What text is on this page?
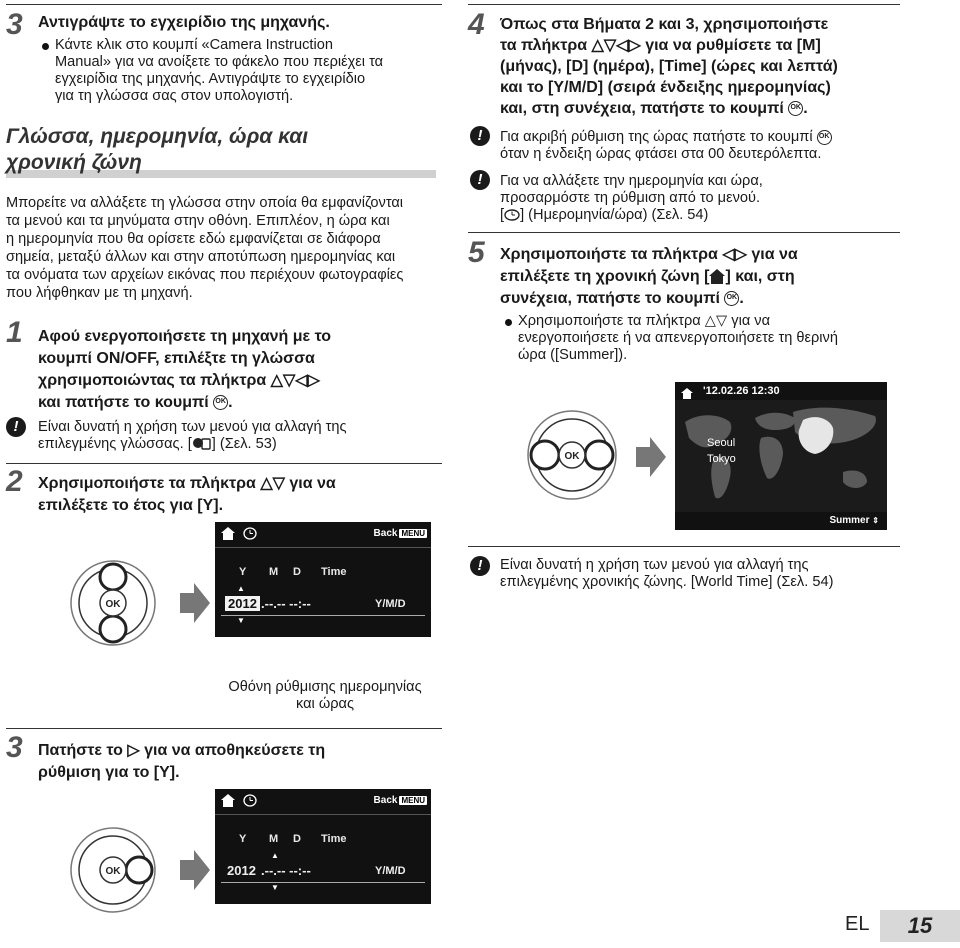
3 Αντιγράψτε το εγχειρίδιο της μηχανής.
Κάντε κλικ στο κουμπί «Camera Instruction
Manual» για να ανοίξετε το φάκελο που περιέχει τα
εγχειρίδια της μηχανής. Αντιγράψτε το εγχειρίδιο
για τη γλώσσα σας στον υπολογιστή.
Γλώσσα, ημερομηνία, ώρα και
χρονική ζώνη
Μπορείτε να αλλάξετε τη γλώσσα στην οποία θα εμφανίζονται
τα μενού και τα μηνύματα στην οθόνη. Επιπλέον, η ώρα και
η ημερομηνία που θα ορίσετε εδώ εμφανίζεται σε διάφορα
σημεία, μεταξύ άλλων και στην αποτύπωση ημερομηνίας και
τα ονόματα των αρχείων εικόνας που περιέχουν φωτογραφίες
που λήφθηκαν με τη μηχανή.
1 Αφού ενεργοποιήσετε τη μηχανή με το
κουμπί ON/OFF, επιλέξτε τη γλώσσα
χρησιμοποιώντας τα πλήκτρα △▽◁▷
και πατήστε το κουμπί OK .
!	Είναι δυνατή η χρήση των μενού για αλλαγή της
επιλεγμένης γλώσσας. [ ] (Σελ. 53)
2 Χρησιμοποιήστε τα πλήκτρα △▽ για να
επιλέξετε το έτος για [Y].
OK
Back MENU
Y M D Time
▲
2012 .--.-- --:--	Y/M/D
▼
Οθόνη ρύθμισης ημερομηνίας
και ώρας
3 Πατήστε το ▷ για να αποθηκεύσετε τη
ρύθμιση για το [Y].
OK
Back MENU
Y M D Time
▲
2012 .--.-- --:--	Y/M/D
▼
4 Όπως στα Βήματα 2 και 3, χρησιμοποιήστε
τα πλήκτρα △▽◁▷ για να ρυθμίσετε τα [M]
(μήνας), [D] (ημέρα), [Time] (ώρες και λεπτά)
και το [Y/M/D] (σειρά ένδειξης ημερομηνίας)
και, στη συνέχεια, πατήστε το κουμπί OK .
!	Για ακριβή ρύθμιση της ώρας πατήστε το κουμπί OK
όταν η ένδειξη ώρας φτάσει στα 00 δευτερόλεπτα.
!	Για να αλλάξετε την ημερομηνία και ώρα,
προσαρμόστε τη ρύθμιση από το μενού.
[ ] (Ημερομηνία/ώρα) (Σελ. 54)
5 Χρησιμοποιήστε τα πλήκτρα ◁▷ για να
επιλέξετε τη χρονική ζώνη [ ] και, στη
συνέχεια, πατήστε το κουμπί OK .
Χρησιμοποιήστε τα πλήκτρα △▽ για να
ενεργοποιήσετε ή να απενεργοποιήσετε τη θερινή
ώρα ([Summer]).
OK
'12.02.26 12:30
Seoul
Tokyo
Summer ⇕
!	Είναι δυνατή η χρήση των μενού για αλλαγή της
επιλεγμένης χρονικής ζώνης. [World Time] (Σελ. 54)
EL	15
